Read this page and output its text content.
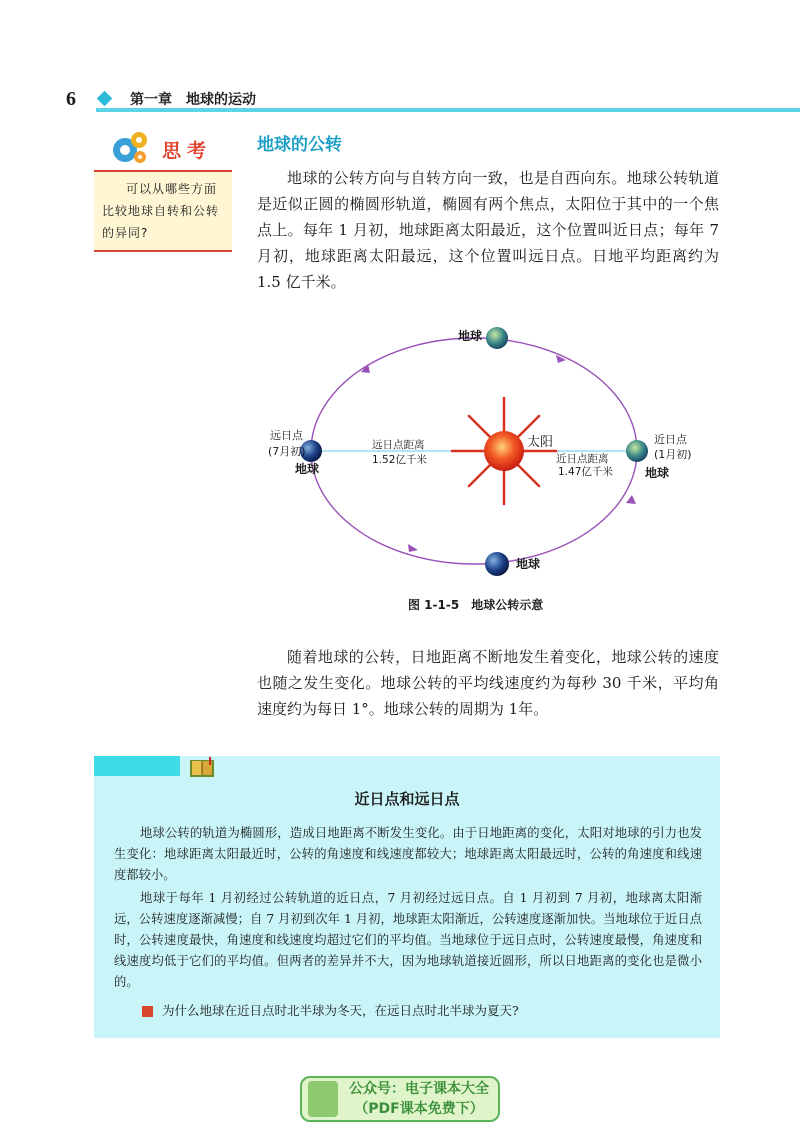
6	第一章　地球的运动
思考
可以从哪些方面比较地球自转和公转的异同?
地球的公转
地球的公转方向与自转方向一致，也是自西向东。地球公转轨道是近似正圆的椭圆形轨道，椭圆有两个焦点，太阳位于其中的一个焦点上。每年 1 月初，地球距离太阳最近，这个位置叫近日点；每年 7 月初，地球距离太阳最远，这个位置叫远日点。日地平均距离约为 1.5 亿千米。
地球
远日点
(7月初)
地球
远日点距离
1.52亿千米
太阳
近日点距离
1.47亿千米
近日点
(1月初)
地球
地球
图 1-1-5　地球公转示意
随着地球的公转，日地距离不断地发生着变化，地球公转的速度也随之发生变化。地球公转的平均线速度约为每秒 30 千米，平均角速度约为每日 1°。地球公转的周期为 1年。
近日点和远日点
地球公转的轨道为椭圆形，造成日地距离不断发生变化。由于日地距离的变化，太阳对地球的引力也发生变化：地球距离太阳最近时，公转的角速度和线速度都较大；地球距离太阳最远时，公转的角速度和线速度都较小。
地球于每年 1 月初经过公转轨道的近日点，7 月初经过远日点。自 1 月初到 7 月初，地球离太阳渐远，公转速度逐渐减慢；自 7 月初到次年 1 月初，地球距太阳渐近，公转速度逐渐加快。当地球位于近日点时，公转速度最快，角速度和线速度均超过它们的平均值。当地球位于远日点时，公转速度最慢，角速度和线速度均低于它们的平均值。但两者的差异并不大，因为地球轨道接近圆形，所以日地距离的变化也是微小的。
为什么地球在近日点时北半球为冬天，在远日点时北半球为夏天?
公众号：电子课本大全
（PDF课本免费下）
